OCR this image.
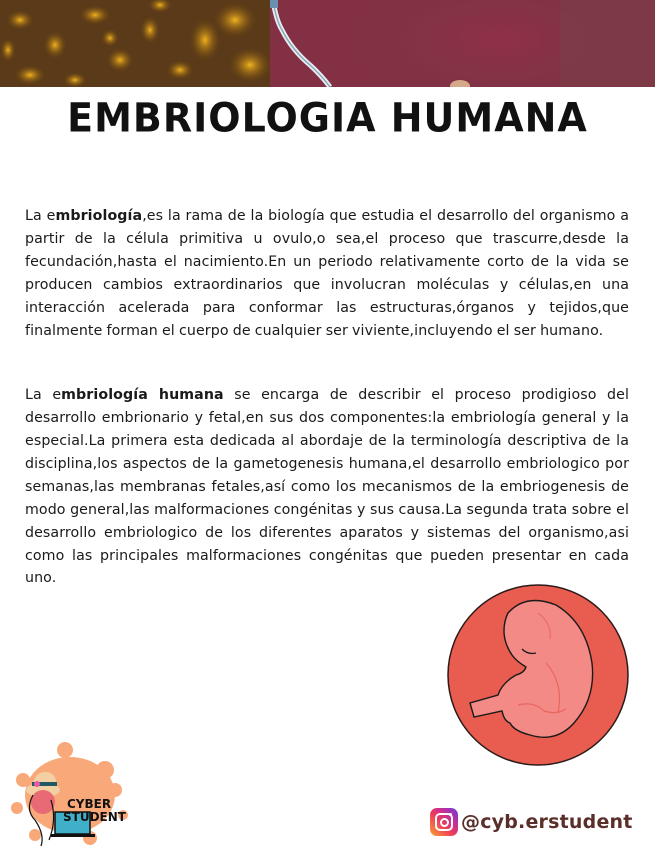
EMBRIOLOGIA HUMANA

La embriología,es la rama de la biología que estudia el desarrollo del organismo a partir de la célula primitiva u ovulo,o sea,el proceso que trascurre,desde la fecundación,hasta el nacimiento.En un periodo relativamente corto de la vida se producen cambios extraordinarios que involucran moléculas y células,en una interacción acelerada para conformar las estructuras,órganos y tejidos,que finalmente forman el cuerpo de cualquier ser viviente,incluyendo el ser humano.

La embriología humana se encarga de describir el proceso prodigioso del desarrollo embrionario y fetal,en sus dos componentes:la embriología general y la especial.La primera esta dedicada al abordaje de la terminología descriptiva de la disciplina,los aspectos de la gametogenesis humana,el desarrollo embriologico por semanas,las membranas fetales,así como los mecanismos de la embriogenesis de modo general,las malformaciones congénitas y sus causa.La segunda trata sobre el desarrollo embriologico de los diferentes aparatos y sistemas del organismo,asi como las principales malformaciones congénitas que pueden presentar en cada uno.

CYBER
STUDENT	@cyb.erstudent
